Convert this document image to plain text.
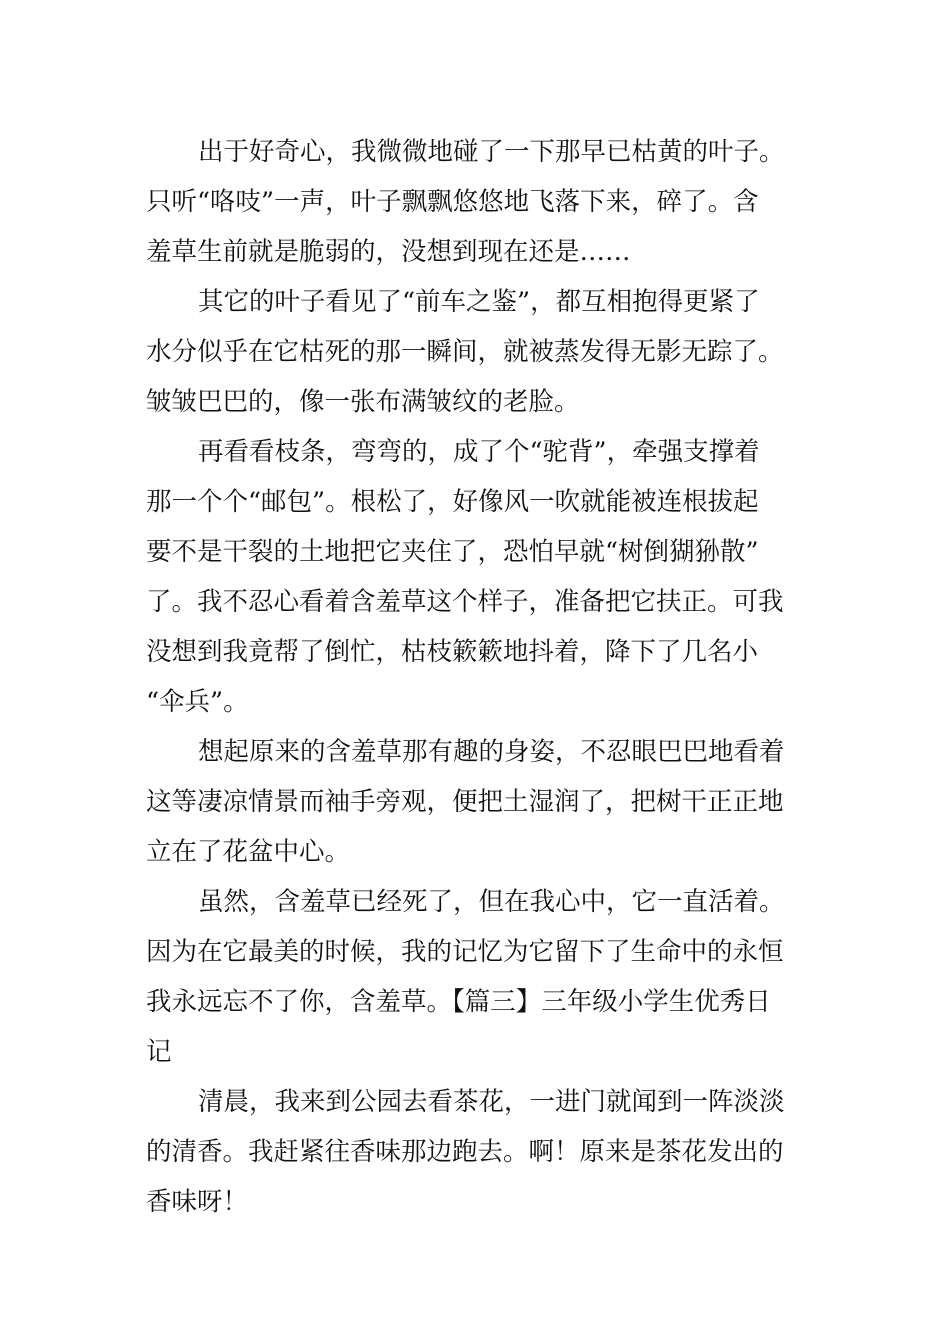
出于好奇心，我微微地碰了一下那早已枯黄的叶子。
只听“咯吱”一声，叶子飘飘悠悠地飞落下来，碎了。含
羞草生前就是脆弱的，没想到现在还是……
其它的叶子看见了“前车之鉴”，都互相抱得更紧了
水分似乎在它枯死的那一瞬间，就被蒸发得无影无踪了。
皱皱巴巴的，像一张布满皱纹的老脸。
再看看枝条，弯弯的，成了个“驼背”，牵强支撑着
那一个个“邮包”。根松了，好像风一吹就能被连根拔起
要不是干裂的土地把它夹住了，恐怕早就“树倒猢狲散”
了。我不忍心看着含羞草这个样子，准备把它扶正。可我
没想到我竟帮了倒忙，枯枝簌簌地抖着，降下了几名小
“伞兵”。
想起原来的含羞草那有趣的身姿，不忍眼巴巴地看着
这等凄凉情景而袖手旁观，便把土湿润了，把树干正正地
立在了花盆中心。
虽然，含羞草已经死了，但在我心中，它一直活着。
因为在它最美的时候，我的记忆为它留下了生命中的永恒
我永远忘不了你，含羞草。【篇三】三年级小学生优秀日
记
清晨，我来到公园去看茶花，一进门就闻到一阵淡淡
的清香。我赶紧往香味那边跑去。啊！原来是茶花发出的
香味呀！
